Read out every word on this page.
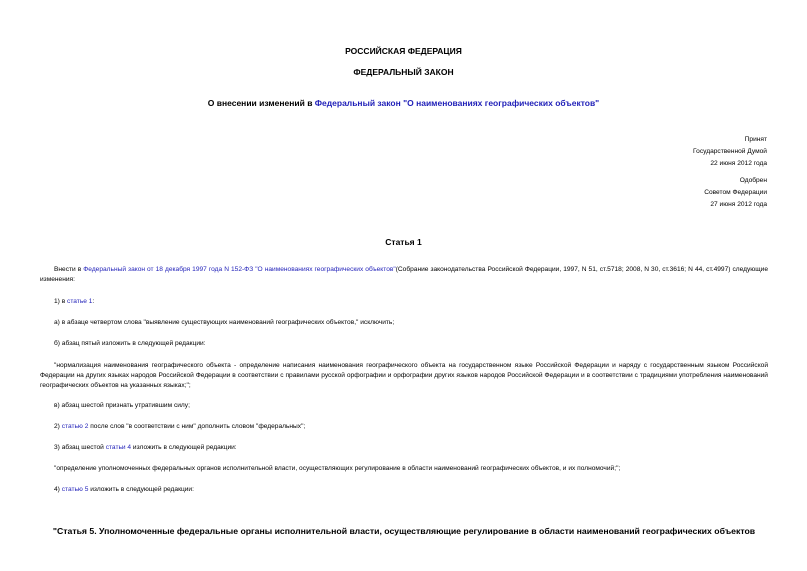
РОССИЙСКАЯ ФЕДЕРАЦИЯ
ФЕДЕРАЛЬНЫЙ ЗАКОН
О внесении изменений в Федеральный закон "О наименованиях географических объектов"
Принят
Государственной Думой
22 июня 2012 года
Одобрен
Советом Федерации
27 июня 2012 года
Статья 1
Внести в Федеральный закон от 18 декабря 1997 года N 152-ФЗ "О наименованиях географических объектов"(Собрание законодательства Российской Федерации, 1997, N 51, ст.5718; 2008, N 30, ст.3616; N 44, ст.4997) следующие изменения:
1) в статье 1:
а) в абзаце четвертом слова "выявление существующих наименований географических объектов," исключить;
б) абзац пятый изложить в следующей редакции:
"нормализация наименования географического объекта - определение написания наименования географического объекта на государственном языке Российской Федерации и наряду с государственным языком Российской Федерации на других языках народов Российской Федерации в соответствии с правилами русской орфографии и орфографии других языков народов Российской Федерации и в соответствии с традициями употребления наименований географических объектов на указанных языках;";
в) абзац шестой признать утратившим силу;
2) статью 2 после слов "в соответствии с ним" дополнить словом "федеральных";
3) абзац шестой статьи 4 изложить в следующей редакции:
"определение уполномоченных федеральных органов исполнительной власти, осуществляющих регулирование в области наименований географических объектов, и их полномочий;";
4) статью 5 изложить в следующей редакции:
"Статья 5. Уполномоченные федеральные органы исполнительной власти, осуществляющие регулирование в области наименований географических объектов
